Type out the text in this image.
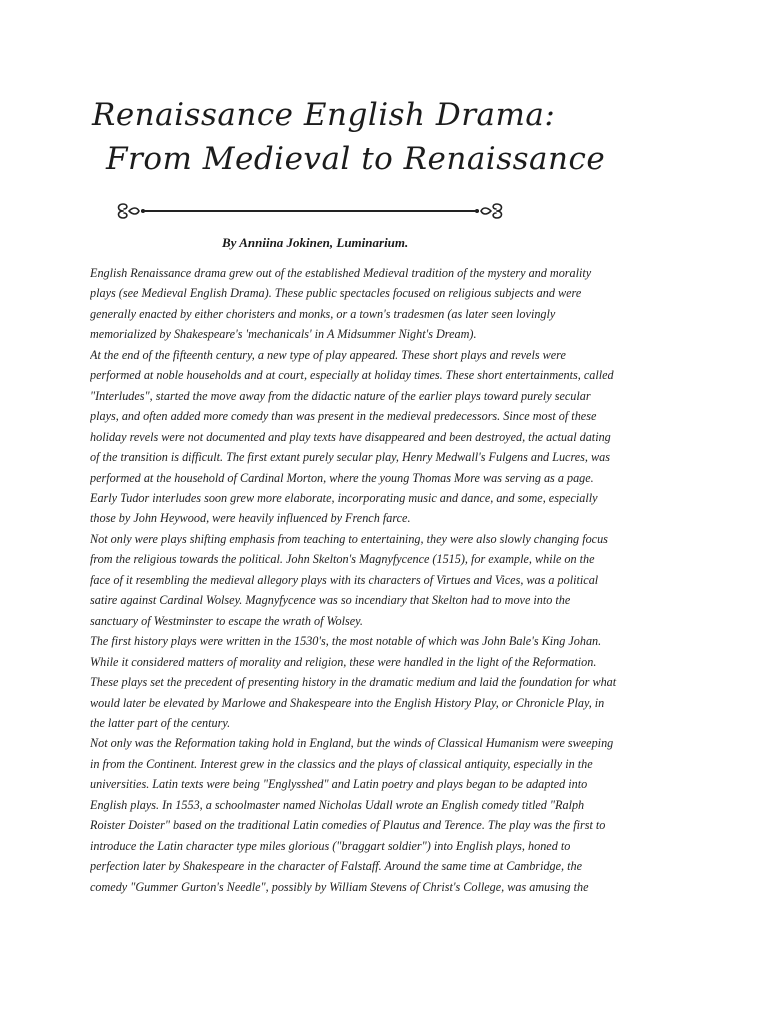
Renaissance English Drama:
From Medieval to Renaissance
By Anniina Jokinen, Luminarium.
English Renaissance drama grew out of the established Medieval tradition of the mystery and morality
plays (see Medieval English Drama). These public spectacles focused on religious subjects and were
generally enacted by either choristers and monks, or a town's tradesmen (as later seen lovingly
memorialized by Shakespeare's 'mechanicals' in A Midsummer Night's Dream).
At the end of the fifteenth century, a new type of play appeared. These short plays and revels were
performed at noble households and at court, especially at holiday times. These short entertainments, called
"Interludes", started the move away from the didactic nature of the earlier plays toward purely secular
plays, and often added more comedy than was present in the medieval predecessors. Since most of these
holiday revels were not documented and play texts have disappeared and been destroyed, the actual dating
of the transition is difficult. The first extant purely secular play, Henry Medwall's Fulgens and Lucres, was
performed at the household of Cardinal Morton, where the young Thomas More was serving as a page.
Early Tudor interludes soon grew more elaborate, incorporating music and dance, and some, especially
those by John Heywood, were heavily influenced by French farce.
Not only were plays shifting emphasis from teaching to entertaining, they were also slowly changing focus
from the religious towards the political. John Skelton's Magnyfycence (1515), for example, while on the
face of it resembling the medieval allegory plays with its characters of Virtues and Vices, was a political
satire against Cardinal Wolsey. Magnyfycence was so incendiary that Skelton had to move into the
sanctuary of Westminster to escape the wrath of Wolsey.
The first history plays were written in the 1530's, the most notable of which was John Bale's King Johan.
While it considered matters of morality and religion, these were handled in the light of the Reformation.
These plays set the precedent of presenting history in the dramatic medium and laid the foundation for what
would later be elevated by Marlowe and Shakespeare into the English History Play, or Chronicle Play, in
the latter part of the century.
Not only was the Reformation taking hold in England, but the winds of Classical Humanism were sweeping
in from the Continent. Interest grew in the classics and the plays of classical antiquity, especially in the
universities. Latin texts were being "Englysshed" and Latin poetry and plays began to be adapted into
English plays. In 1553, a schoolmaster named Nicholas Udall wrote an English comedy titled "Ralph
Roister Doister" based on the traditional Latin comedies of Plautus and Terence. The play was the first to
introduce the Latin character type miles glorious ("braggart soldier") into English plays, honed to
perfection later by Shakespeare in the character of Falstaff. Around the same time at Cambridge, the
comedy "Gummer Gurton's Needle", possibly by William Stevens of Christ's College, was amusing the
